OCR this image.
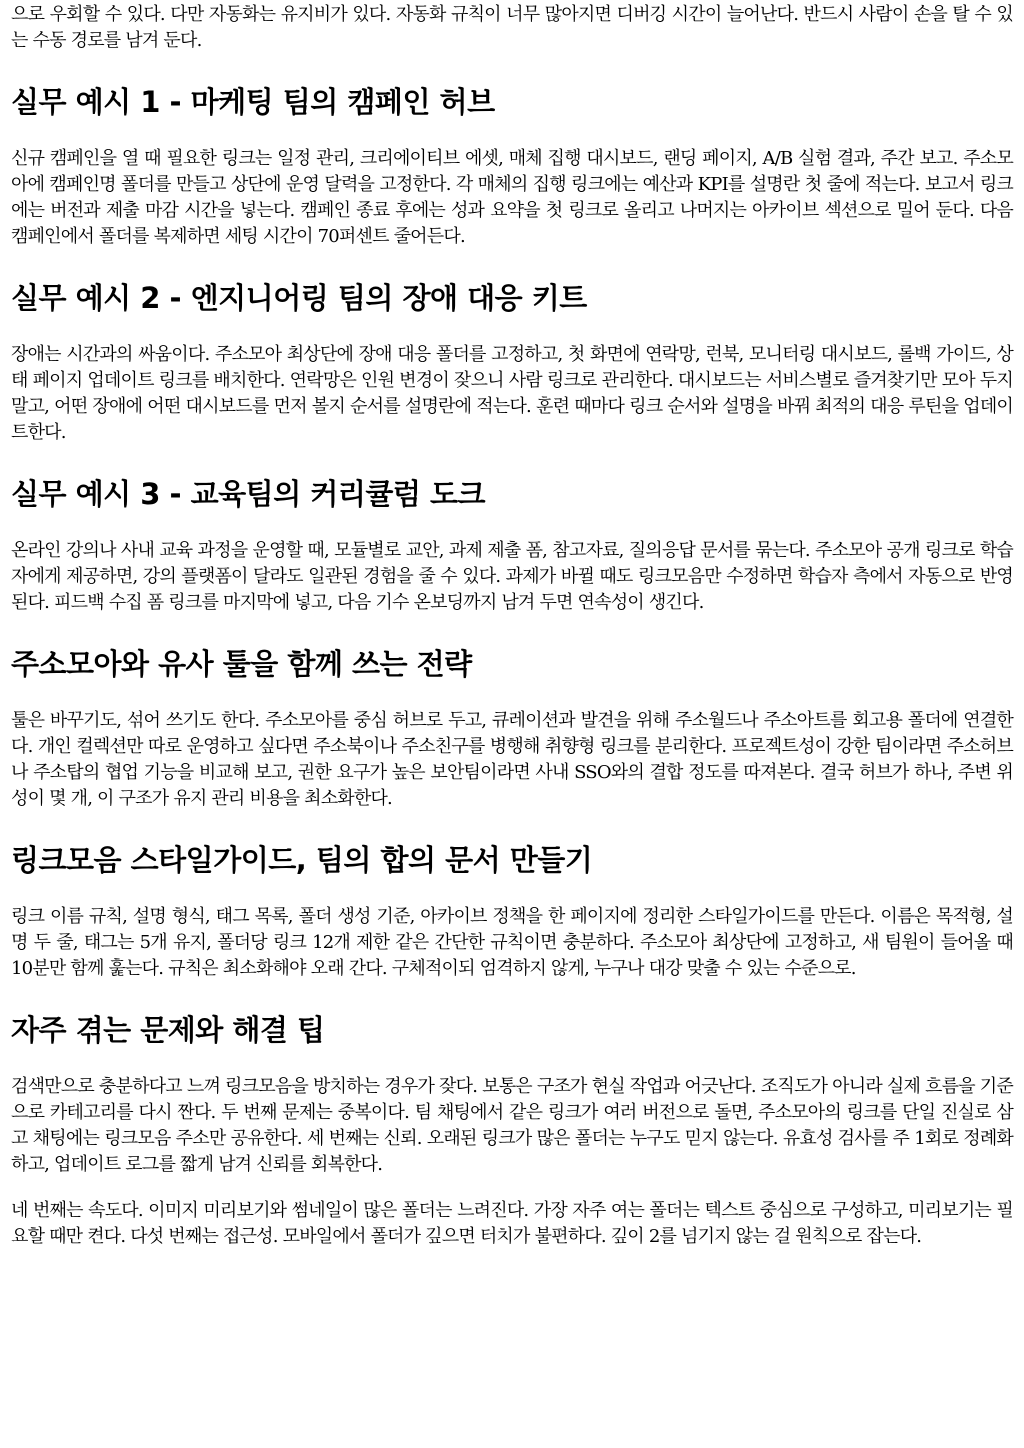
으로 우회할 수 있다. 다만 자동화는 유지비가 있다. 자동화 규칙이 너무 많아지면 디버깅 시간이 늘어난다. 반드시 사람이 손을 탈 수 있는 수동 경로를 남겨 둔다.

실무 예시 1 - 마케팅 팀의 캠페인 허브

신규 캠페인을 열 때 필요한 링크는 일정 관리, 크리에이티브 에셋, 매체 집행 대시보드, 랜딩 페이지, A/B 실험 결과, 주간 보고. 주소모아에 캠페인명 폴더를 만들고 상단에 운영 달력을 고정한다. 각 매체의 집행 링크에는 예산과 KPI를 설명란 첫 줄에 적는다. 보고서 링크에는 버전과 제출 마감 시간을 넣는다. 캠페인 종료 후에는 성과 요약을 첫 링크로 올리고 나머지는 아카이브 섹션으로 밀어 둔다. 다음 캠페인에서 폴더를 복제하면 세팅 시간이 70퍼센트 줄어든다.

실무 예시 2 - 엔지니어링 팀의 장애 대응 키트

장애는 시간과의 싸움이다. 주소모아 최상단에 장애 대응 폴더를 고정하고, 첫 화면에 연락망, 런북, 모니터링 대시보드, 롤백 가이드, 상태 페이지 업데이트 링크를 배치한다. 연락망은 인원 변경이 잦으니 사람 링크로 관리한다. 대시보드는 서비스별로 즐겨찾기만 모아 두지 말고, 어떤 장애에 어떤 대시보드를 먼저 볼지 순서를 설명란에 적는다. 훈련 때마다 링크 순서와 설명을 바꿔 최적의 대응 루틴을 업데이트한다.

실무 예시 3 - 교육팀의 커리큘럼 도크

온라인 강의나 사내 교육 과정을 운영할 때, 모듈별로 교안, 과제 제출 폼, 참고자료, 질의응답 문서를 묶는다. 주소모아 공개 링크로 학습자에게 제공하면, 강의 플랫폼이 달라도 일관된 경험을 줄 수 있다. 과제가 바뀔 때도 링크모음만 수정하면 학습자 측에서 자동으로 반영된다. 피드백 수집 폼 링크를 마지막에 넣고, 다음 기수 온보딩까지 남겨 두면 연속성이 생긴다.

주소모아와 유사 툴을 함께 쓰는 전략

툴은 바꾸기도, 섞어 쓰기도 한다. 주소모아를 중심 허브로 두고, 큐레이션과 발견을 위해 주소월드나 주소아트를 회고용 폴더에 연결한다. 개인 컬렉션만 따로 운영하고 싶다면 주소북이나 주소친구를 병행해 취향형 링크를 분리한다. 프로젝트성이 강한 팀이라면 주소허브나 주소탑의 협업 기능을 비교해 보고, 권한 요구가 높은 보안팀이라면 사내 SSO와의 결합 정도를 따져본다. 결국 허브가 하나, 주변 위성이 몇 개, 이 구조가 유지 관리 비용을 최소화한다.

링크모음 스타일가이드, 팀의 합의 문서 만들기

링크 이름 규칙, 설명 형식, 태그 목록, 폴더 생성 기준, 아카이브 정책을 한 페이지에 정리한 스타일가이드를 만든다. 이름은 목적형, 설명 두 줄, 태그는 5개 유지, 폴더당 링크 12개 제한 같은 간단한 규칙이면 충분하다. 주소모아 최상단에 고정하고, 새 팀원이 들어올 때 10분만 함께 훑는다. 규칙은 최소화해야 오래 간다. 구체적이되 엄격하지 않게, 누구나 대강 맞출 수 있는 수준으로.

자주 겪는 문제와 해결 팁

검색만으로 충분하다고 느껴 링크모음을 방치하는 경우가 잦다. 보통은 구조가 현실 작업과 어긋난다. 조직도가 아니라 실제 흐름을 기준으로 카테고리를 다시 짠다. 두 번째 문제는 중복이다. 팀 채팅에서 같은 링크가 여러 버전으로 돌면, 주소모아의 링크를 단일 진실로 삼고 채팅에는 링크모음 주소만 공유한다. 세 번째는 신뢰. 오래된 링크가 많은 폴더는 누구도 믿지 않는다. 유효성 검사를 주 1회로 정례화하고, 업데이트 로그를 짧게 남겨 신뢰를 회복한다.

네 번째는 속도다. 이미지 미리보기와 썸네일이 많은 폴더는 느려진다. 가장 자주 여는 폴더는 텍스트 중심으로 구성하고, 미리보기는 필요할 때만 켠다. 다섯 번째는 접근성. 모바일에서 폴더가 깊으면 터치가 불편하다. 깊이 2를 넘기지 않는 걸 원칙으로 잡는다.
